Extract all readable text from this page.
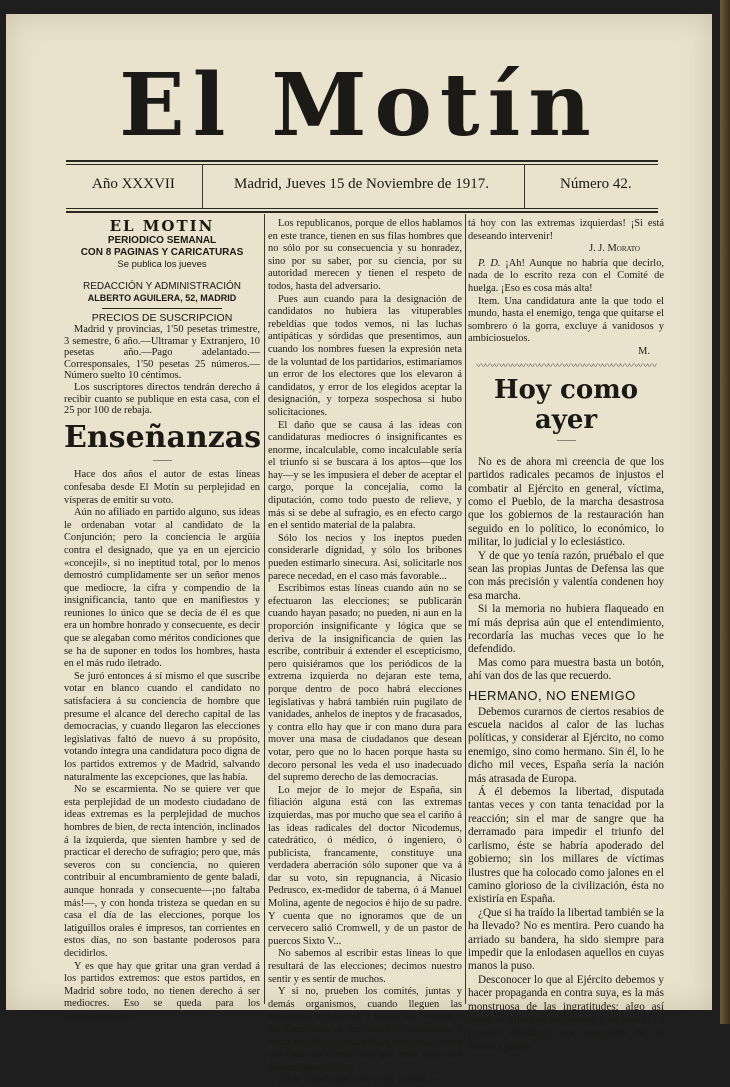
El Motín
Año XXXVII	Madrid, Jueves 15 de Noviembre de 1917.	Número 42.
EL MOTIN
PERIODICO SEMANAL
CON 8 PAGINAS Y CARICATURAS
Se publica los jueves
REDACCIÓN Y ADMINISTRACIÓN
ALBERTO AGUILERA, 52, MADRID
PRECIOS DE SUSCRIPCION

Madrid y provincias, 1'50 pesetas trimestre, 3 semestre, 6 año.—Ultramar y Extranjero, 10 pesetas año.—Pago adelantado.—Corresponsales, 1'50 pesetas 25 números.—Número suelto 10 céntimos.

Los suscriptores directos tendrán derecho á recibir cuanto se publique en esta casa, con el 25 por 100 de rebaja.

Enseñanzas
——

Hace dos años el autor de estas líneas confesaba desde El Motín su perplejidad en vísperas de emitir su voto.

Aún no afiliado en partido alguno, sus ideas le ordenaban votar al candidato de la Conjunción; pero la conciencia le argüía contra el designado, que ya en un ejercicio «concejil», si no ineptitud total, por lo menos demostró cumplidamente ser un señor menos que mediocre, la cifra y compendio de la insignificancia, tanto que en manifiestos y reuniones lo único que se decía de él es que era un hombre honrado y consecuente, es decir que se alegaban como méritos condiciones que se ha de suponer en todos los hombres, hasta en el más rudo iletrado.

Se juró entonces á sí mismo el que suscribe votar en blanco cuando el candidato no satisfaciera á su conciencia de hombre que presume el alcance del derecho capital de las democracias, y cuando llegaron las elecciones legislativas faltó de nuevo á su propósito, votando íntegra una candidatura poco digna de los partidos extremos y de Madrid, salvando naturalmente las excepciones, que las había.

No se escarmienta. No se quiere ver que esta perplejidad de un modesto ciudadano de ideas extremas es la perplejidad de muchos hombres de bien, de recta intención, inclinados á la izquierda, que sienten hambre y sed de practicar el derecho de sufragio; pero que, más severos con su conciencia, no quieren contribuir al encumbramiento de gente baladí, aunque honrada y consecuente—¡no faltaba más!—, y con honda tristeza se quedan en su casa el día de las elecciones, porque los latiguillos orales é impresos, tan corrientes en estos días, no son bastante poderosos para decidirlos.

Y es que hay que gritar una gran verdad á los partidos extremos: que estos partidos, en Madrid sobre todo, no tienen derecho á ser mediocres. Eso se queda para los gubernamentales.

Los republicanos, porque de ellos hablamos en este trance, tienen en sus filas hombres que no sólo por su consecuencia y su honradez, sino por su saber, por su ciencia, por su autoridad merecen y tienen el respeto de todos, hasta del adversario.

Pues aun cuando para la designación de candidatos no hubiera las vituperables rebeldías que todos vemos, ni las luchas antipáticas y sórdidas que presentimos, aun cuando los nombres fuesen la expresión neta de la voluntad de los partidarios, estimaríamos un error de los electores que los elevaron á candidatos, y error de los elegidos aceptar la designación, y torpeza sospechosa si hubo solicitaciones.

El daño que se causa á las ideas con candidaturas mediocres ó insignificantes es enorme, incalculable, como incalculable sería el triunfo si se buscara á los aptos—que los hay—y se les impusiera el deber de aceptar el cargo, porque la concejalía, como la diputación, como todo puesto de relieve, y más si se debe al sufragio, es en efecto cargo en el sentido material de la palabra.

Sólo los necios y los ineptos pueden considerarle dignidad, y sólo los bribones pueden estimarlo sinecura. Así, solicitarle nos parece necedad, en el caso más favorable...

Escribimos estas líneas cuando aún no se efectuaron las elecciones; se publicarán cuando hayan pasado; no pueden, ni aun en la proporción insignificante y lógica que se deriva de la insignificancia de quien las escribe, contribuir á extender el escepticismo, pero quisiéramos que los periódicos de la extrema izquierda no dejaran este tema, porque dentro de poco habrá elecciones legislativas y habrá también ruin pugilato de vanidades, anhelos de ineptos y de fracasados, y contra ello hay que ir con mano dura para mover una masa de ciudadanos que desean votar, pero que no lo hacen porque hasta su decoro personal les veda el uso inadecuado del supremo derecho de las democracias.

Lo mejor de lo mejor de España, sin filiación alguna está con las extremas izquierdas, mas por mucho que sea el cariño á las ideas radicales del doctor Nicodemus, catedrático, ó médico, ó ingeniero, ó publicista, francamente, constituye una verdadera aberración sólo suponer que va á dar su voto, sin repugnancia, á Nicasio Pedrusco, ex-medidor de taberna, ó á Manuel Molina, agente de negocios é hijo de su padre. Y cuenta que no ignoramos que de un cervecero salió Cromwell, y de un pastor de puercos Sixto V...

No sabemos al escribir estas líneas lo que resultará de las elecciones; decimos nuestro sentir y es sentir de muchos.

Y si no, prueben los comités, juntas y demás organismos, cuando lleguen las elecciones legislativas, á buscar los Wambas ó los Cincinatos de los partidos respectivos, y verán no sólo que estas ideas tienen más votos que todas las demás, sino que estos votos son de verdadera calidad.

¡Si la España que vale y que cuenta es-

tá hoy con las extremas izquierdas! ¡Si está deseando intervenir!

J. J. Morato

P. D. ¡Ah! Aunque no habría que decirlo, nada de lo escrito reza con el Comité de huelga. ¡Eso es cosa más alta!

Item. Una candidatura ante la que todo el mundo, hasta el enemigo, tenga que quitarse el sombrero ó la gorra, excluye á vanidosos y ambiciosuelos.

M.
〰〰〰〰〰〰〰〰〰〰〰〰〰〰〰〰〰〰〰〰
Hoy como ayer
——

No es de ahora mi creencia de que los partidos radicales pecamos de injustos el combatir al Ejército en general, víctima, como el Pueblo, de la marcha desastrosa que los gobiernos de la restauración han seguido en lo político, lo económico, lo militar, lo judicial y lo eclesiástico.

Y de que yo tenía razón, pruébalo el que sean las propias Juntas de Defensa las que con más precisión y valentía condenen hoy esa marcha.

Si la memoria no hubiera flaqueado en mí más deprisa aún que el entendimiento, recordaría las muchas veces que lo he defendido.

Mas como para muestra basta un botón, ahí van dos de las que recuerdo.

HERMANO, NO ENEMIGO

Debemos curarnos de ciertos resabios de escuela nacidos al calor de las luchas políticas, y considerar al Ejército, no como enemigo, sino como hermano. Sin él, lo he dicho mil veces, España sería la nación más atrasada de Europa.

Á él debemos la libertad, disputada tantas veces y con tanta tenacidad por la reacción; sin el mar de sangre que ha derramado para impedir el triunfo del carlismo, éste se habría apoderado del gobierno; sin los millares de víctimas ilustres que ha colocado como jalones en el camino glorioso de la civilización, ésta no existiría en España.

¿Que si ha traído la libertad también se la ha llevado? No es mentira. Pero cuando ha arriado su bandera, ha sido siempre para impedir que la enlodasen aquellos en cuyas manos la puso.

Desconocer lo que al Ejército debemos y hacer propaganda en contra suya, es la más monstruosa de las ingratitudes; algo así como el hijo que abofeteara á su padre. Es preciso olvidarse por completo de la historia patria
